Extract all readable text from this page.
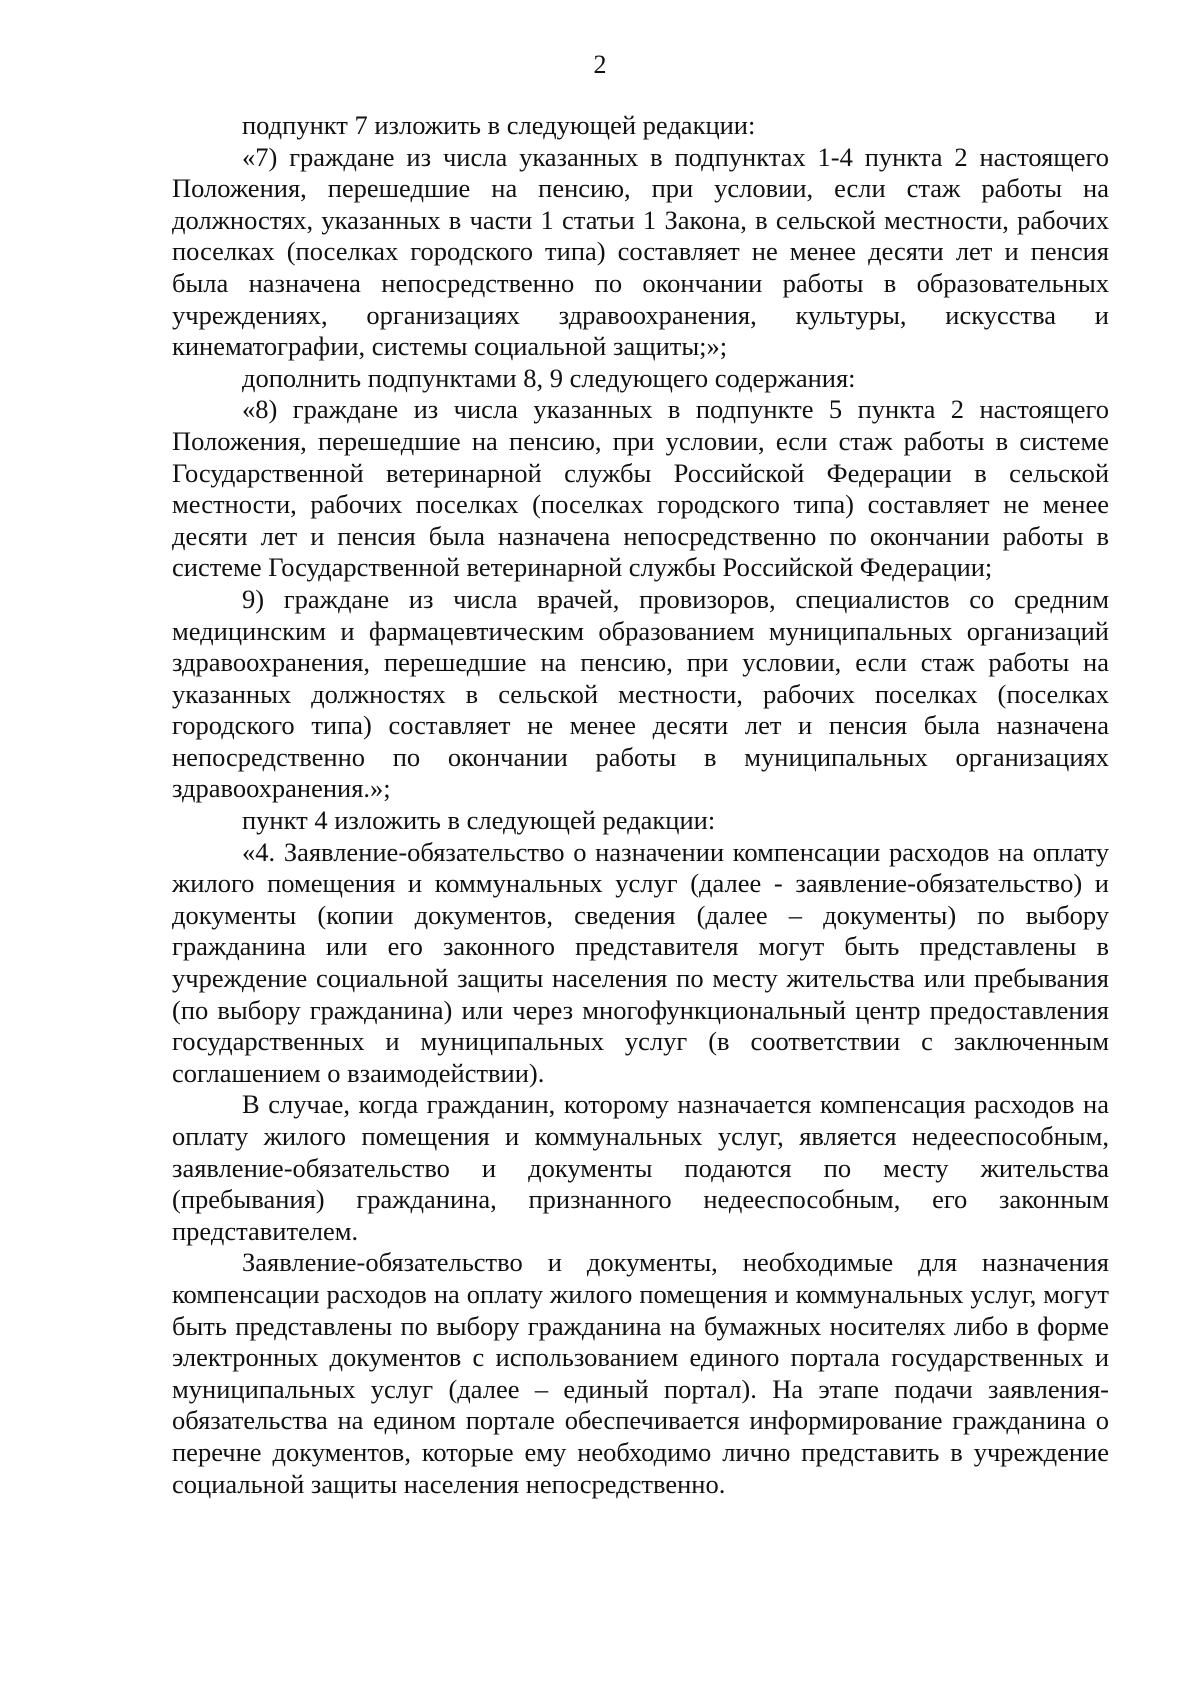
2

подпункт 7 изложить в следующей редакции:

«7) граждане из числа указанных в подпунктах 1-4 пункта 2 настоящего Положения, перешедшие на пенсию, при условии, если стаж работы на должностях, указанных в части 1 статьи 1 Закона, в сельской местности, рабочих поселках (поселках городского типа) составляет не менее десяти лет и пенсия была назначена непосредственно по окончании работы в образовательных учреждениях, организациях здравоохранения, культуры, искусства и кинематографии, системы социальной защиты;»;

дополнить подпунктами 8, 9 следующего содержания:

«8) граждане из числа указанных в подпункте 5 пункта 2 настоящего Положения, перешедшие на пенсию, при условии, если стаж работы в системе Государственной ветеринарной службы Российской Федерации в сельской местности, рабочих поселках (поселках городского типа) составляет не менее десяти лет и пенсия была назначена непосредственно по окончании работы в системе Государственной ветеринарной службы Российской Федерации;

9) граждане из числа врачей, провизоров, специалистов со средним медицинским и фармацевтическим образованием муниципальных организаций здравоохранения, перешедшие на пенсию, при условии, если стаж работы на указанных должностях в сельской местности, рабочих поселках (поселках городского типа) составляет не менее десяти лет и пенсия была назначена непосредственно по окончании работы в муниципальных организациях здравоохранения.»;

пункт 4 изложить в следующей редакции:

«4. Заявление-обязательство о назначении компенсации расходов на оплату жилого помещения и коммунальных услуг (далее - заявление-обязательство) и документы (копии документов, сведения (далее – документы) по выбору гражданина или его законного представителя могут быть представлены в учреждение социальной защиты населения по месту жительства или пребывания (по выбору гражданина) или через многофункциональный центр предоставления государственных и муниципальных услуг (в соответствии с заключенным соглашением о взаимодействии).

В случае, когда гражданин, которому назначается компенсация расходов на оплату жилого помещения и коммунальных услуг, является недееспособным, заявление-обязательство и документы подаются по месту жительства (пребывания) гражданина, признанного недееспособным, его законным представителем.

Заявление-обязательство и документы, необходимые для назначения компенсации расходов на оплату жилого помещения и коммунальных услуг, могут быть представлены по выбору гражданина на бумажных носителях либо в форме электронных документов с использованием единого портала государственных и муниципальных услуг (далее – единый портал). На этапе подачи заявления-обязательства на едином портале обеспечивается информирование гражданина о перечне документов, которые ему необходимо лично представить в учреждение социальной защиты населения непосредственно.
